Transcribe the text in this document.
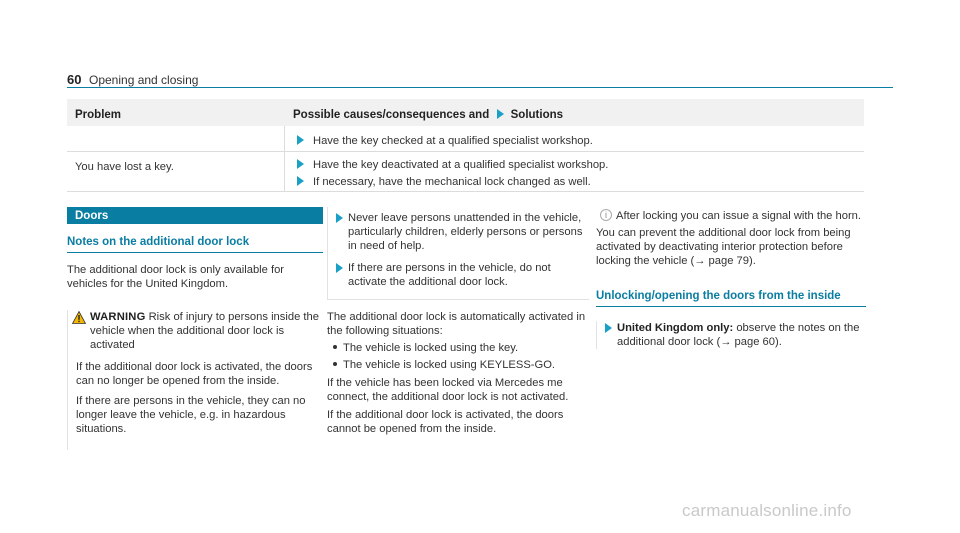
60 Opening and closing
Problem	Possible causes/consequences and Solutions
Have the key checked at a qualified specialist workshop.
You have lost a key.	Have the key deactivated at a qualified specialist workshop.
If necessary, have the mechanical lock changed as well.
Doors
Notes on the additional door lock

The additional door lock is only available for vehicles for the United Kingdom.

WARNING Risk of injury to persons inside the vehicle when the additional door lock is activated

If the additional door lock is activated, the doors can no longer be opened from the inside.

If there are persons in the vehicle, they can no longer leave the vehicle, e.g. in hazardous situations.

Never leave persons unattended in the vehicle, particularly children, elderly persons or persons in need of help.
If there are persons in the vehicle, do not activate the additional door lock.

The additional door lock is automatically activated in the following situations:

The vehicle is locked using the key.
The vehicle is locked using KEYLESS-GO.

If the vehicle has been locked via Mercedes me connect, the additional door lock is not activated.

If the additional door lock is activated, the doors cannot be opened from the inside.

i After locking you can issue a signal with the horn.

You can prevent the additional door lock from being activated by deactivating interior protection before locking the vehicle (→ page 79).

Unlocking/opening the doors from the inside
United Kingdom only: observe the notes on the additional door lock (→ page 60).
carmanualsonline.info
